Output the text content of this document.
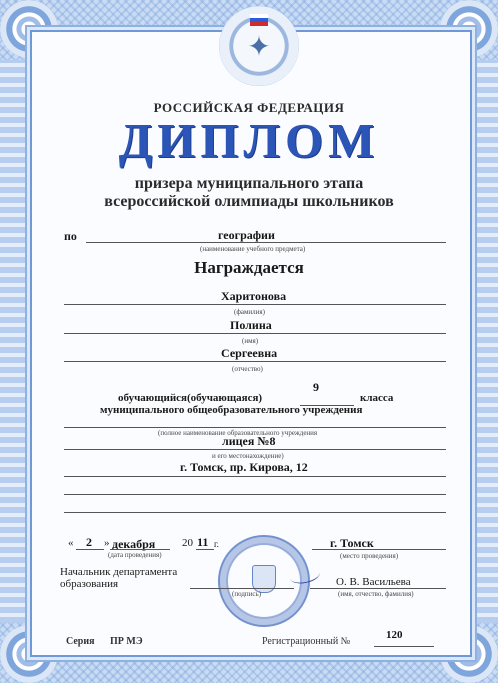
✦
РОССИЙСКАЯ ФЕДЕРАЦИЯ
ДИПЛОМ
призера муниципального этапа
всероссийской олимпиады школьников
по	географии
(наименование учебного предмета)
Награждается
Харитонова
(фамилия)
Полина
(имя)
Сергеевна
(отчество)
9
обучающийся(обучающаяся)	класса
муниципального общеобразовательного учреждения
(полное наименование образовательного учреждения
лицея №8
и его местонахождение)
г. Томск, пр. Кирова, 12
« 2 » декабря 20 11 г.
(дата проведения)
г. Томск
(место проведения)
Начальник департамента
образования
(подпись)
О. В. Васильева
(имя, отчество, фамилия)
Серия ПР МЭ	Регистрационный №
120
